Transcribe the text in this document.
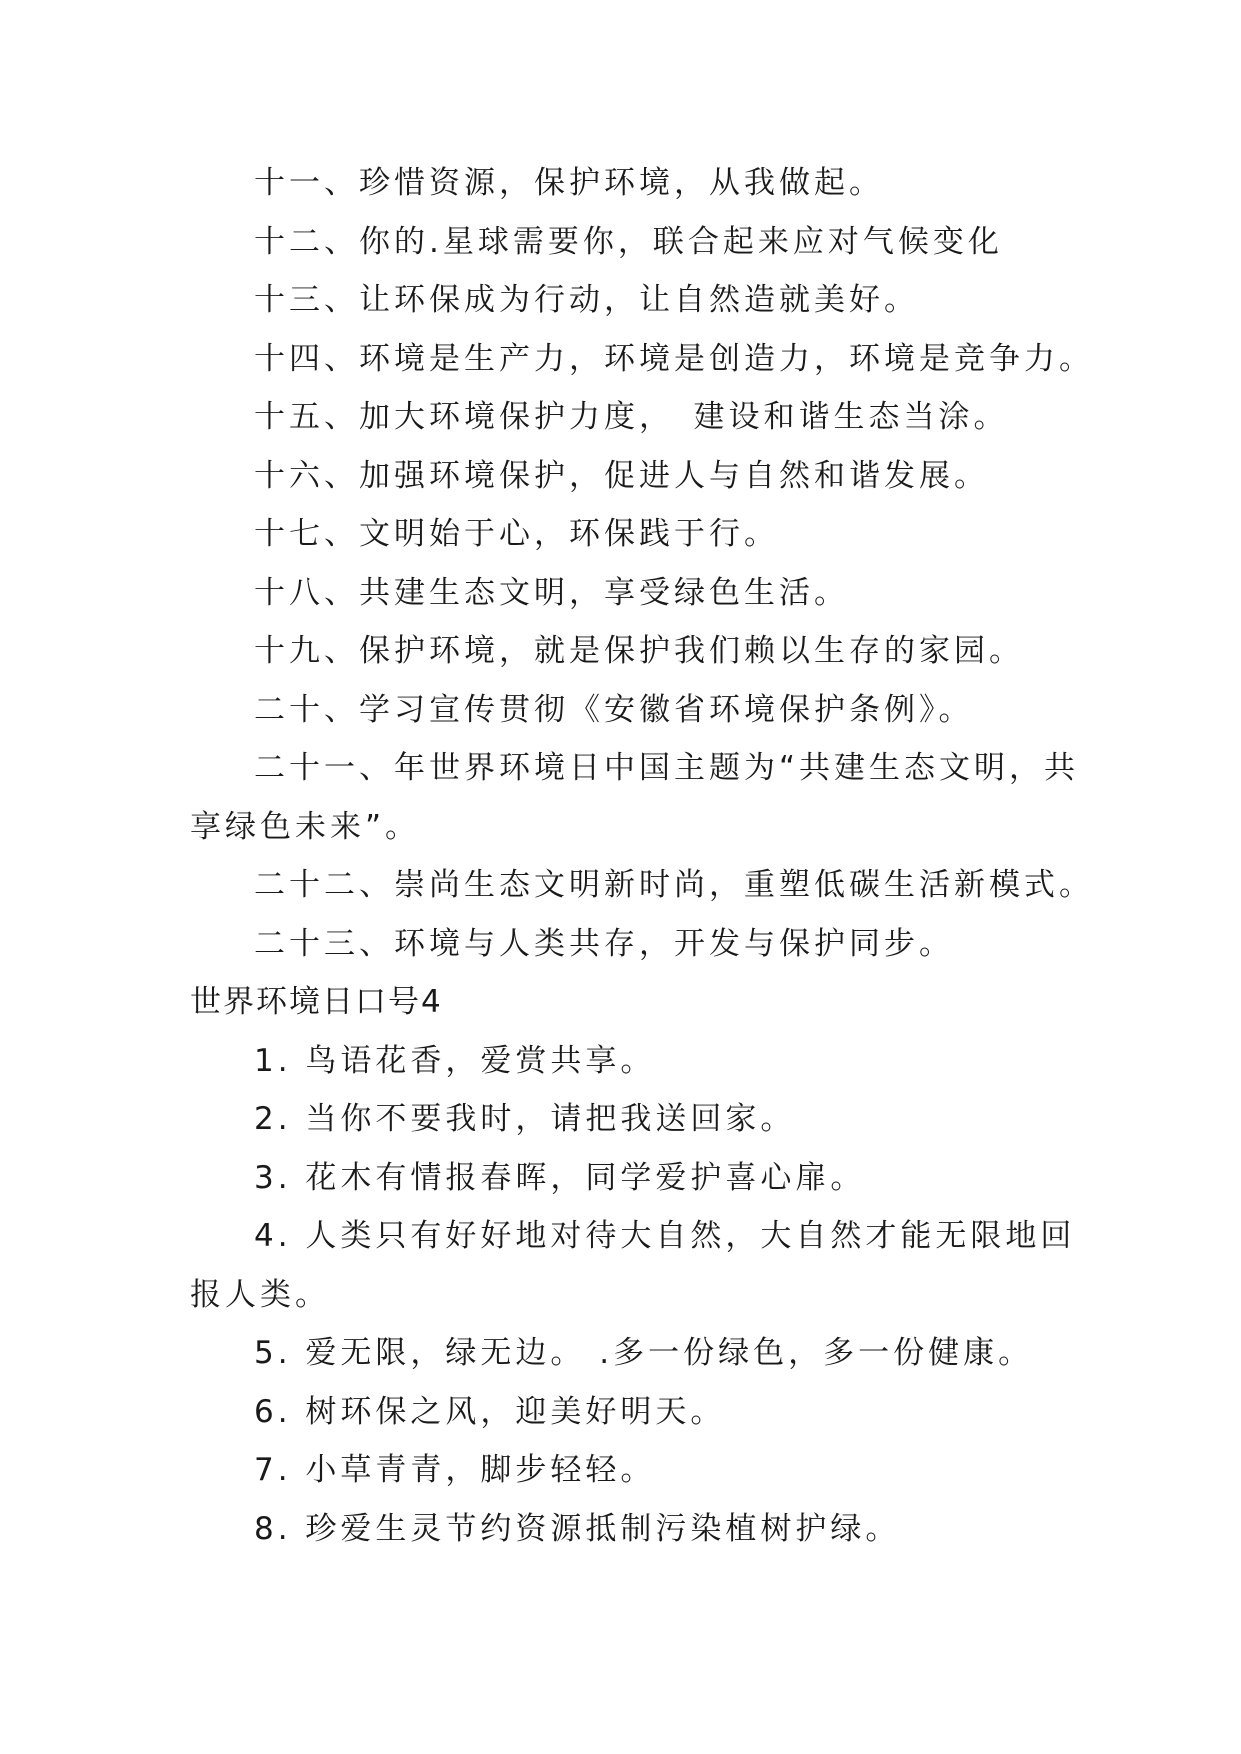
十一、珍惜资源，保护环境，从我做起。
十二、你的.星球需要你，联合起来应对气候变化
十三、让环保成为行动，让自然造就美好。
十四、环境是生产力，环境是创造力，环境是竞争力。
十五、加大环境保护力度，　建设和谐生态当涂。
十六、加强环境保护，促进人与自然和谐发展。
十七、文明始于心，环保践于行。
十八、共建生态文明，享受绿色生活。
十九、保护环境，就是保护我们赖以生存的家园。
二十、学习宣传贯彻《安徽省环境保护条例》。
二十一、年世界环境日中国主题为“共建生态文明，共
享绿色未来”。
二十二、崇尚生态文明新时尚，重塑低碳生活新模式。
二十三、环境与人类共存，开发与保护同步。
世界环境日口号4
1. 鸟语花香，爱赏共享。
2. 当你不要我时，请把我送回家。
3. 花木有情报春晖，同学爱护喜心扉。
4. 人类只有好好地对待大自然，大自然才能无限地回
报人类。
5. 爱无限，绿无边。 .多一份绿色，多一份健康。
6. 树环保之风，迎美好明天。
7. 小草青青，脚步轻轻。
8. 珍爱生灵节约资源抵制污染植树护绿。
